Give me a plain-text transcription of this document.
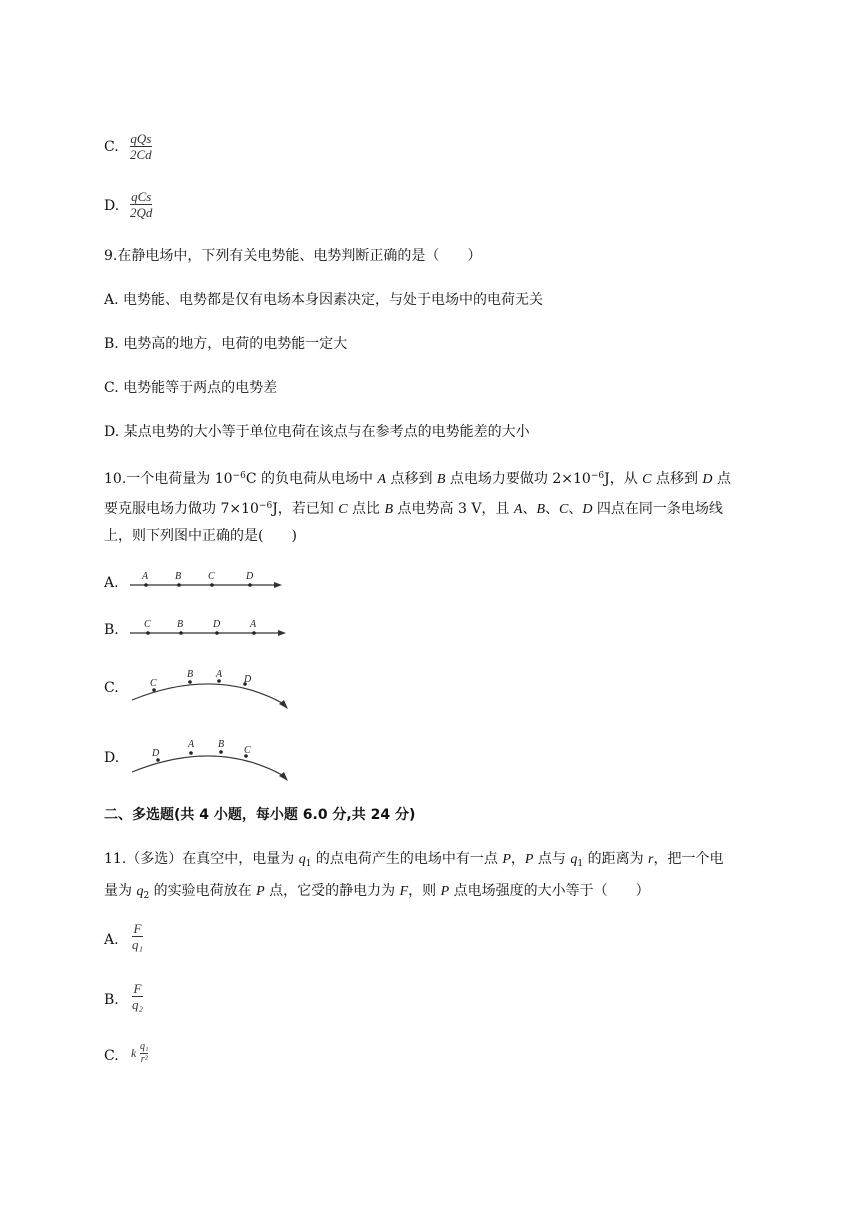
C.
qQs
2Cd
D.
qCs
2Qd
9.在静电场中，下列有关电势能、电势判断正确的是（　　）
A. 电势能、电势都是仅有电场本身因素决定，与处于电场中的电荷无关
B. 电势高的地方，电荷的电势能一定大
C. 电势能等于两点的电势差
D. 某点电势的大小等于单位电荷在该点与在参考点的电势能差的大小
10.一个电荷量为 $10^{-6}C$ 的负电荷从电场中 A 点移到 B 点电场力要做功 $2\times 10^{-6}J$，从 C 点移到 D 点
要克服电场力做功 $7\times 10^{-6}J$，若已知 C 点比 B 点电势高 3 V，且 A、B、C、D 四点在同一条电场线
上，则下列图中正确的是(　　)
A. A	B	C	D
B.	C	B	D	A
C.	C
B A D
D.	D
A B
C
二、多选题(共 4 小题，每小题 6.0 分,共 24 分)
11.（多选）在真空中，电量为 $q_1$ 的点电荷产生的电场中有一点 P，P 点与 $q_1$ 的距离为 r，把一个电
量为 $q_2$ 的实验电荷放在 P 点，它受的静电力为 F，则 P 点电场强度的大小等于（　　）
A.
F
q₁
B.
F
q₂
C. k q₁
r²
